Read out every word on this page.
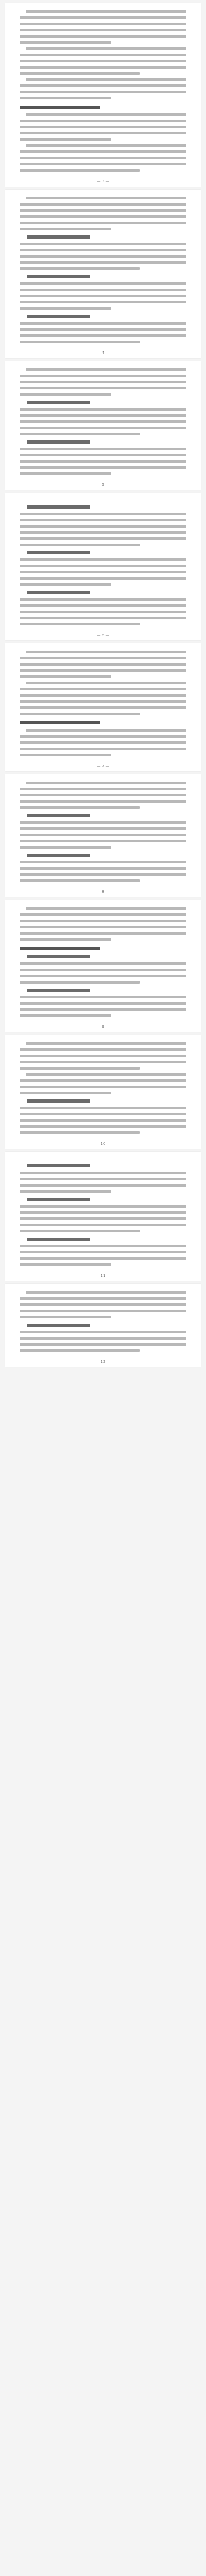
— 3 —
— 4 —
— 5 —
— 6 —
— 7 —
— 8 —
— 9 —
— 10 —
— 11 —
— 12 —
